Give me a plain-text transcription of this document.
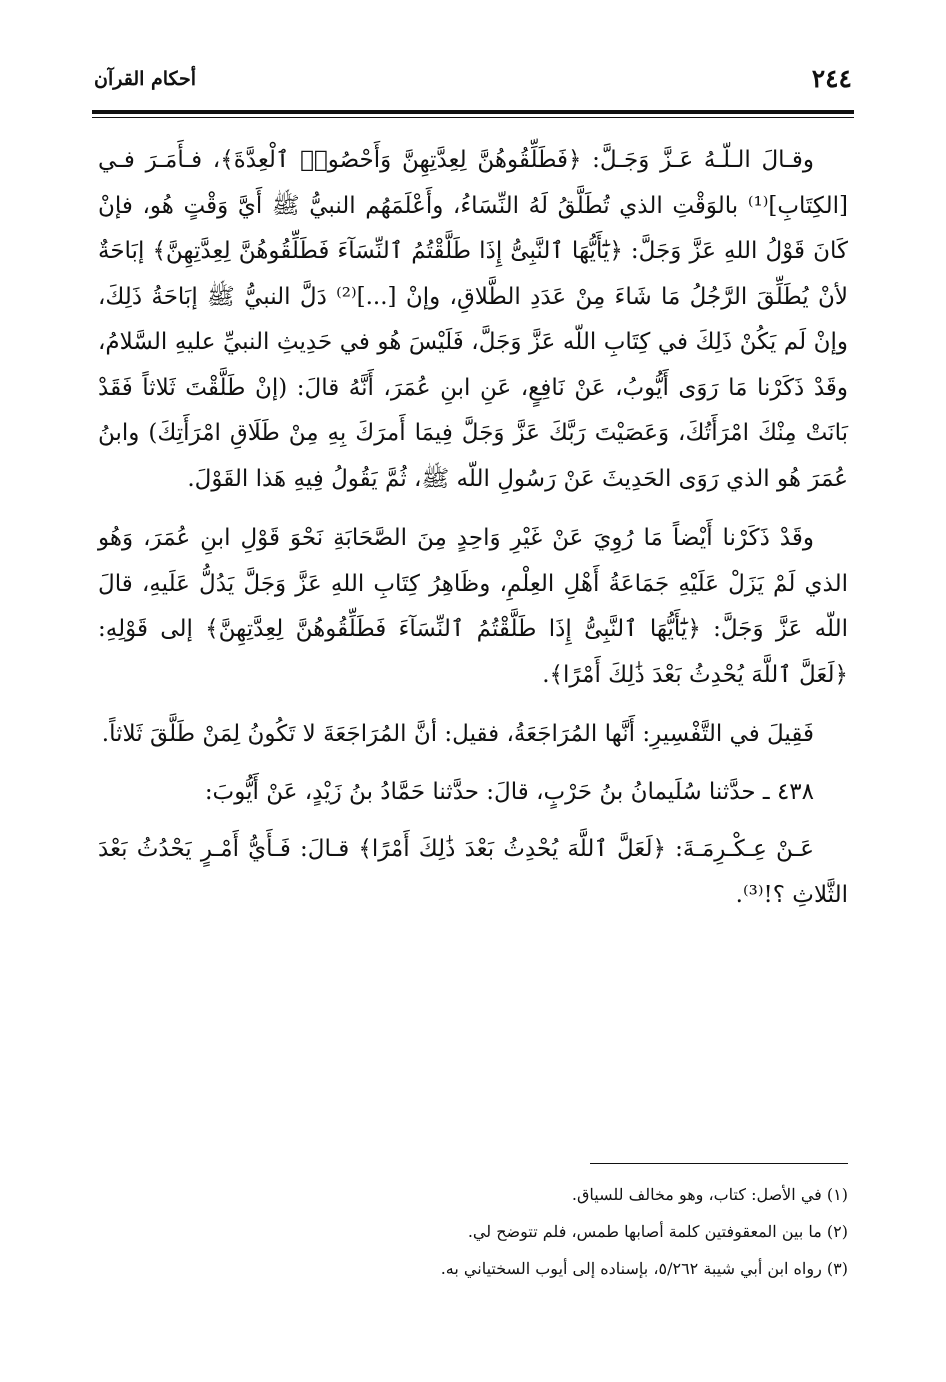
٢٤٤
أحكام القرآن

وقـالَ الـلّـهُ عَـزَّ وَجَـلَّ: ﴿فَطَلِّقُوهُنَّ لِعِدَّتِهِنَّ وَأَحْصُوا۟ ٱلْعِدَّةَ﴾، فـأَمَـرَ فـي [الكِتَابِ]⁽¹⁾ بالوَقْتِ الذي تُطَلَّقُ لَهُ النِّسَاءُ، وأَعْلَمَهُم النبيُّ ﷺ أَيَّ وَقْتٍ هُو، فإنْ كَانَ قَوْلُ اللهِ عَزَّ وَجَلَّ: ﴿يَٰٓأَيُّهَا ٱلنَّبِىُّ إِذَا طَلَّقْتُمُ ٱلنِّسَآءَ فَطَلِّقُوهُنَّ لِعِدَّتِهِنَّ﴾ إبَاحَةٌ لأنْ يُطَلِّقَ الرَّجُلُ مَا شَاءَ مِنْ عَدَدِ الطَّلاقِ، وإنْ [...]⁽²⁾ دَلَّ النبيُّ ﷺ إبَاحَةُ ذَلِكَ، وإنْ لَم يَكُنْ ذَلِكَ في كِتَابِ اللّه عَزَّ وَجَلَّ، فَلَيْسَ هُو في حَدِيثِ النبيِّ عليهِ السَّلامُ، وقَدْ ذَكَرْنا مَا رَوَى أَيُّوبُ، عَنْ نَافِعٍ، عَنِ ابنِ عُمَرَ، أَنَّهُ قالَ: (إنْ طَلَّقْتَ ثَلاثاً فَقَدْ بَانَتْ مِنْكَ امْرَأَتُكَ، وَعَصَيْتَ رَبَّكَ عَزَّ وَجَلَّ فِيمَا أَمرَكَ بِهِ مِنْ طَلَاقِ امْرَأَتِكَ) وابنُ عُمَرَ هُو الذي رَوَى الحَدِيثَ عَنْ رَسُولِ اللّه ﷺ، ثُمَّ يَقُولُ فِيهِ هَذا القَوْلَ.

وقَدْ ذَكَرْنا أَيْضاً مَا رُوِيَ عَنْ غَيْرِ وَاحِدٍ مِنَ الصَّحَابَةِ نَحْوَ قَوْلِ ابنِ عُمَرَ، وَهُو الذي لَمْ يَزَلْ عَلَيْهِ جَمَاعَةُ أَهْلِ العِلْمِ، وظَاهِرُ كِتَابِ اللهِ عَزَّ وَجَلَّ يَدُلُّ عَلَيهِ، قالَ اللّه عَزَّ وَجَلَّ: ﴿يَٰٓأَيُّهَا ٱلنَّبِىُّ إِذَا طَلَّقْتُمُ ٱلنِّسَآءَ فَطَلِّقُوهُنَّ لِعِدَّتِهِنَّ﴾ إلى قَوْلِهِ: ﴿لَعَلَّ ٱللَّهَ يُحْدِثُ بَعْدَ ذَٰلِكَ أَمْرًا﴾.

فَقِيلَ في التَّفْسِيرِ: أَنَّها المُرَاجَعَةُ، فقيل: أنَّ المُرَاجَعَةَ لا تَكُونُ لِمَنْ طَلَّقَ ثَلاثاً.

٤٣٨ ـ حدَّثنا سُلَيمانُ بنُ حَرْبٍ، قالَ: حدَّثنا حَمَّادُ بنُ زَيْدٍ، عَنْ أَيُّوبَ:

عَـنْ عِـكْـرِمَـةَ: ﴿لَعَلَّ ٱللَّهَ يُحْدِثُ بَعْدَ ذَٰلِكَ أَمْرًا﴾ قـالَ: فَـأَيُّ أَمْـرٍ يَحْدُثُ بَعْدَ الثَّلاثِ ؟!⁽³⁾.

(١) في الأصل: كتاب، وهو مخالف للسياق.
(٢) ما بين المعقوفتين كلمة أصابها طمس، فلم تتوضح لي.
(٣) رواه ابن أبي شيبة ٥/٢٦٢، بإسناده إلى أيوب السختياني به.
